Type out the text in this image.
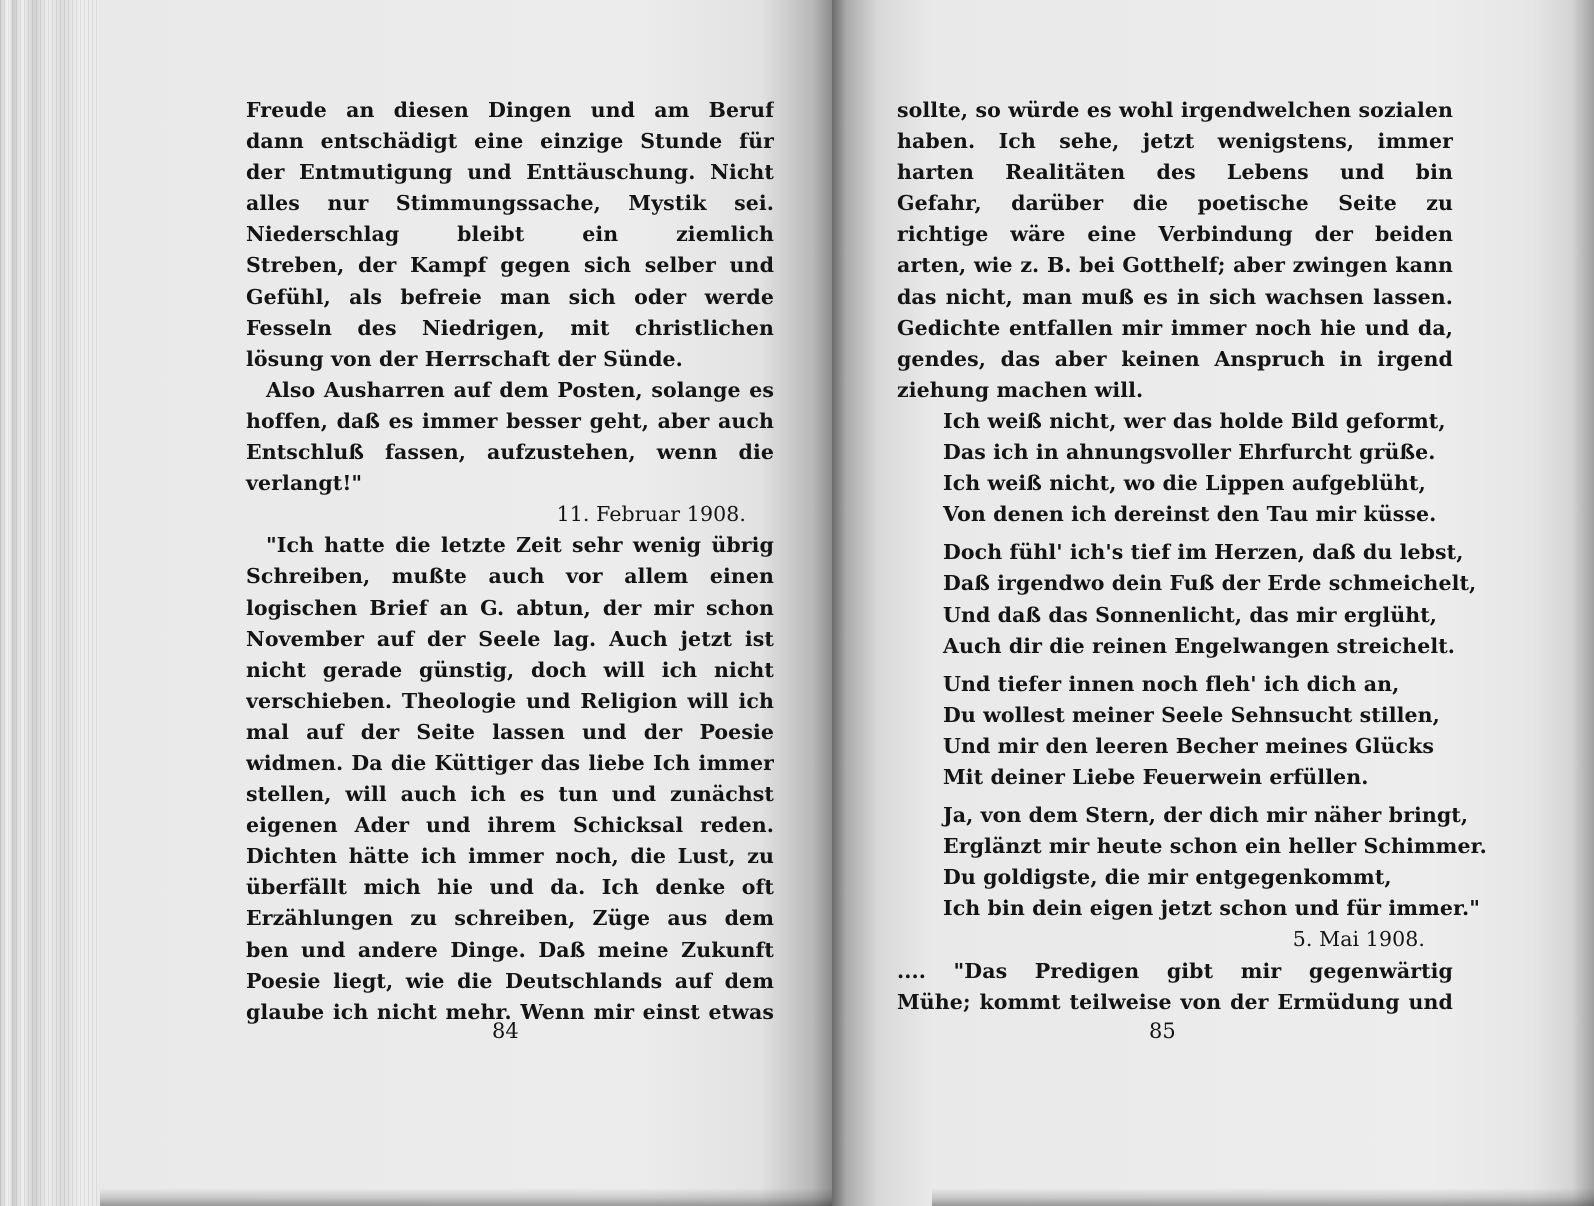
Freude an diesen Dingen und am Beruf
dann entschädigt eine einzige Stunde für
der Entmutigung und Enttäuschung. Nicht
alles nur Stimmungssache, Mystik sei.
Niederschlag bleibt ein ziemlich
Streben, der Kampf gegen sich selber und
Gefühl, als befreie man sich oder werde
Fesseln des Niedrigen, mit christlichen
lösung von der Herrschaft der Sünde.
Also Ausharren auf dem Posten, solange es
hoffen, daß es immer besser geht, aber auch
Entschluß fassen, aufzustehen, wenn die
verlangt!"
11. Februar 1908.
"Ich hatte die letzte Zeit sehr wenig übrig
Schreiben, mußte auch vor allem einen
logischen Brief an G. abtun, der mir schon
November auf der Seele lag. Auch jetzt ist
nicht gerade günstig, doch will ich nicht
verschieben. Theologie und Religion will ich
mal auf der Seite lassen und der Poesie
widmen. Da die Küttiger das liebe Ich immer
stellen, will auch ich es tun und zunächst
eigenen Ader und ihrem Schicksal reden.
Dichten hätte ich immer noch, die Lust, zu
überfällt mich hie und da. Ich denke oft
Erzählungen zu schreiben, Züge aus dem
ben und andere Dinge. Daß meine Zukunft
Poesie liegt, wie die Deutschlands auf dem
glaube ich nicht mehr. Wenn mir einst etwas
84
sollte, so würde es wohl irgendwelchen sozialen
haben. Ich sehe, jetzt wenigstens, immer
harten Realitäten des Lebens und bin
Gefahr, darüber die poetische Seite zu
richtige wäre eine Verbindung der beiden
arten, wie z. B. bei Gotthelf; aber zwingen kann
das nicht, man muß es in sich wachsen lassen.
Gedichte entfallen mir immer noch hie und da,
gendes, das aber keinen Anspruch in irgend
ziehung machen will.
Ich weiß nicht, wer das holde Bild geformt,
Das ich in ahnungsvoller Ehrfurcht grüße.
Ich weiß nicht, wo die Lippen aufgeblüht,
Von denen ich dereinst den Tau mir küsse.
Doch fühl' ich's tief im Herzen, daß du lebst,
Daß irgendwo dein Fuß der Erde schmeichelt,
Und daß das Sonnenlicht, das mir erglüht,
Auch dir die reinen Engelwangen streichelt.
Und tiefer innen noch fleh' ich dich an,
Du wollest meiner Seele Sehnsucht stillen,
Und mir den leeren Becher meines Glücks
Mit deiner Liebe Feuerwein erfüllen.
Ja, von dem Stern, der dich mir näher bringt,
Erglänzt mir heute schon ein heller Schimmer.
Du goldigste, die mir entgegenkommt,
Ich bin dein eigen jetzt schon und für immer."
5. Mai 1908.
.... "Das Predigen gibt mir gegenwärtig
Mühe; kommt teilweise von der Ermüdung und
85
